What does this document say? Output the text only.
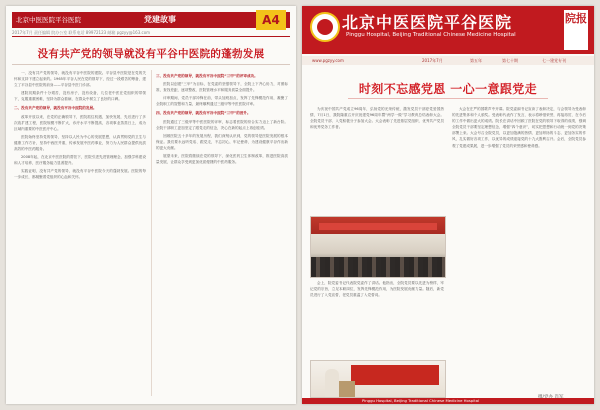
北京中医医院平谷医院	党建故事	A4
2017年7月 责任编辑 院办公室 联系电话 89972123 邮箱 pgzyy@163.com
没有共产党的领导就没有平谷中医院的蓬勃发展

一、没有共产党的领导，就没有平谷中医院的建院。平谷县中医院是在党的关怀和支持下建立起来的。1965年平谷人民在党的领导下，经过一段艰苦的筹备，建立了平谷县中医院的前身——平谷县中医门诊部。

建院初期条件十分艰苦，没有房子，没有设备，几位老中医在党组织的带领下，克服重重困难，坚持为群众看病，在群众中树立了良好的口碑。

二、没有共产党的领导，就没有平谷中医院的发展。

改革开放以来，在党的正确领导下，医院抓住机遇，加快发展，先后进行了多次改扩建工程，医院规模不断扩大，诊疗水平不断提高，各项事业蒸蒸日上，成为区域内重要的中医医疗中心。

医院始终坚持党的领导，坚持以人民为中心的发展思想，认真贯彻党的卫生与健康工作方针，坚持中西医并重，传承发展中医药事业，努力为人民群众提供优质高效的中医药服务。

2008年起，在北京中医医院的帮扶下，医院引进先进管理理念，加强学科建设和人才培养，医疗服务能力显著提升。

实践证明，没有共产党的领导，就没有平谷中医院今天的蓬勃发展。医院的每一步成长，都凝聚着党组织的心血和关怀。

三、没有共产党的领导，就没有平谷中医院“三甲”的评审成功。

医院以创建“三甲”为目标，在党委的坚强领导下，全院上下齐心协力，对照标准，查找差距，逐项整改，医院管理水平和服务质量全面提升。

评审期间，党员干部冲锋在前，带头加班加点，发挥了先锋模范作用，凝聚了全院职工的智慧和力量，最终顺利通过三级甲等中医医院评审。

四、没有共产党的领导，就没有平谷中医院“三甲”的晋升。

医院通过了三级甲等中医医院的评审，标志着医院的综合实力迈上了新台阶。全院干部职工更加坚定了跟党走的信念，决心在新的起点上再创佳绩。

回顾医院五十多年的发展历程，我们深刻认识到，党的领导是医院发展的根本保证。我们要永远听党话、跟党走，不忘初心，牢记使命，为建设健康平谷作出新的更大贡献。

展望未来，医院将继续在党的领导下，深化医药卫生体制改革，推进医院高质量发展，让群众享受到更加优质便捷的中医药服务。

北京中医医院平谷医院
Pinggu Hospital, Beijing Traditional Chinese Medicine Hospital
院报
www.pgzyy.com	2017年7月	第五年	第七十期	七一建党专刊
时刻不忘感党恩 一心一意跟党走

为庆祝中国共产党成立96周年，弘扬党的光荣传统，激发党员干部爱党爱国热情，7月1日，我院隆重召开庆祝建党96周年暨“两学一做”学习教育总结表彰大会。全院党员干部、入党积极分子参加大会。大会表彰了先进基层党组织、优秀共产党员和优秀党务工作者。

会上，院党委书记代表院党委作了讲话。他指出，全院党员要以先进为榜样，牢记党的宗旨，立足本职岗位，发挥先锋模范作用，为医院发展贡献力量。随后，新党员进行了入党宣誓，老党员重温了入党誓词。

大会在庄严的国歌声中开幕。院党委副书记宣读了表彰决定，与会领导为受表彰的先进集体和个人颁奖。受表彰代表作了发言，表示将珍惜荣誉，再接再厉，在今后的工作中做出更大的成绩。院长在讲话中回顾了医院在党的领导下取得的成绩，强调全院党员干部要坚定理想信念，增强“四个意识”，切实把思想和行动统一到党的决策部署上来。大会号召全院党员，以更加饱满的热情、更加昂扬的斗志、更加务实的作风，扎实做好各项工作，以优异的成绩迎接党的十九大胜利召开。会后，全院党员参观了党建成果展，进一步增强了党员的荣誉感和使命感。

Pinggu Hospital, Beijing Traditional Chinese Medicine Hospital
